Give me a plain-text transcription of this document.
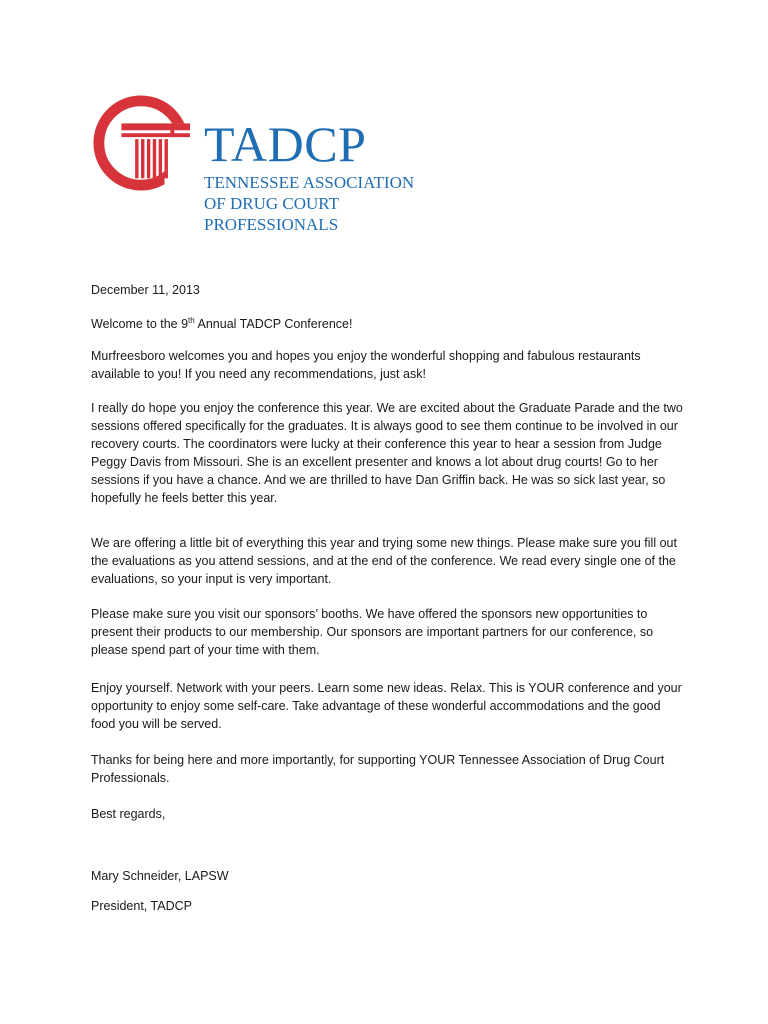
TADCP
TENNESSEE ASSOCIATION
OF DRUG COURT
PROFESSIONALS

December 11, 2013

Welcome to the 9th Annual TADCP Conference!

Murfreesboro welcomes you and hopes you enjoy the wonderful shopping and fabulous restaurants available to you! If you need any recommendations, just ask!

I really do hope you enjoy the conference this year. We are excited about the Graduate Parade and the two sessions offered specifically for the graduates. It is always good to see them continue to be involved in our recovery courts. The coordinators were lucky at their conference this year to hear a session from Judge Peggy Davis from Missouri. She is an excellent presenter and knows a lot about drug courts! Go to her sessions if you have a chance. And we are thrilled to have Dan Griffin back. He was so sick last year, so hopefully he feels better this year.

We are offering a little bit of everything this year and trying some new things. Please make sure you fill out the evaluations as you attend sessions, and at the end of the conference. We read every single one of the evaluations, so your input is very important.

Please make sure you visit our sponsors’ booths. We have offered the sponsors new opportunities to present their products to our membership. Our sponsors are important partners for our conference, so please spend part of your time with them.

Enjoy yourself. Network with your peers. Learn some new ideas. Relax. This is YOUR conference and your opportunity to enjoy some self-care. Take advantage of these wonderful accommodations and the good food you will be served.

Thanks for being here and more importantly, for supporting YOUR Tennessee Association of Drug Court Professionals.

Best regards,

Mary Schneider, LAPSW

President, TADCP
